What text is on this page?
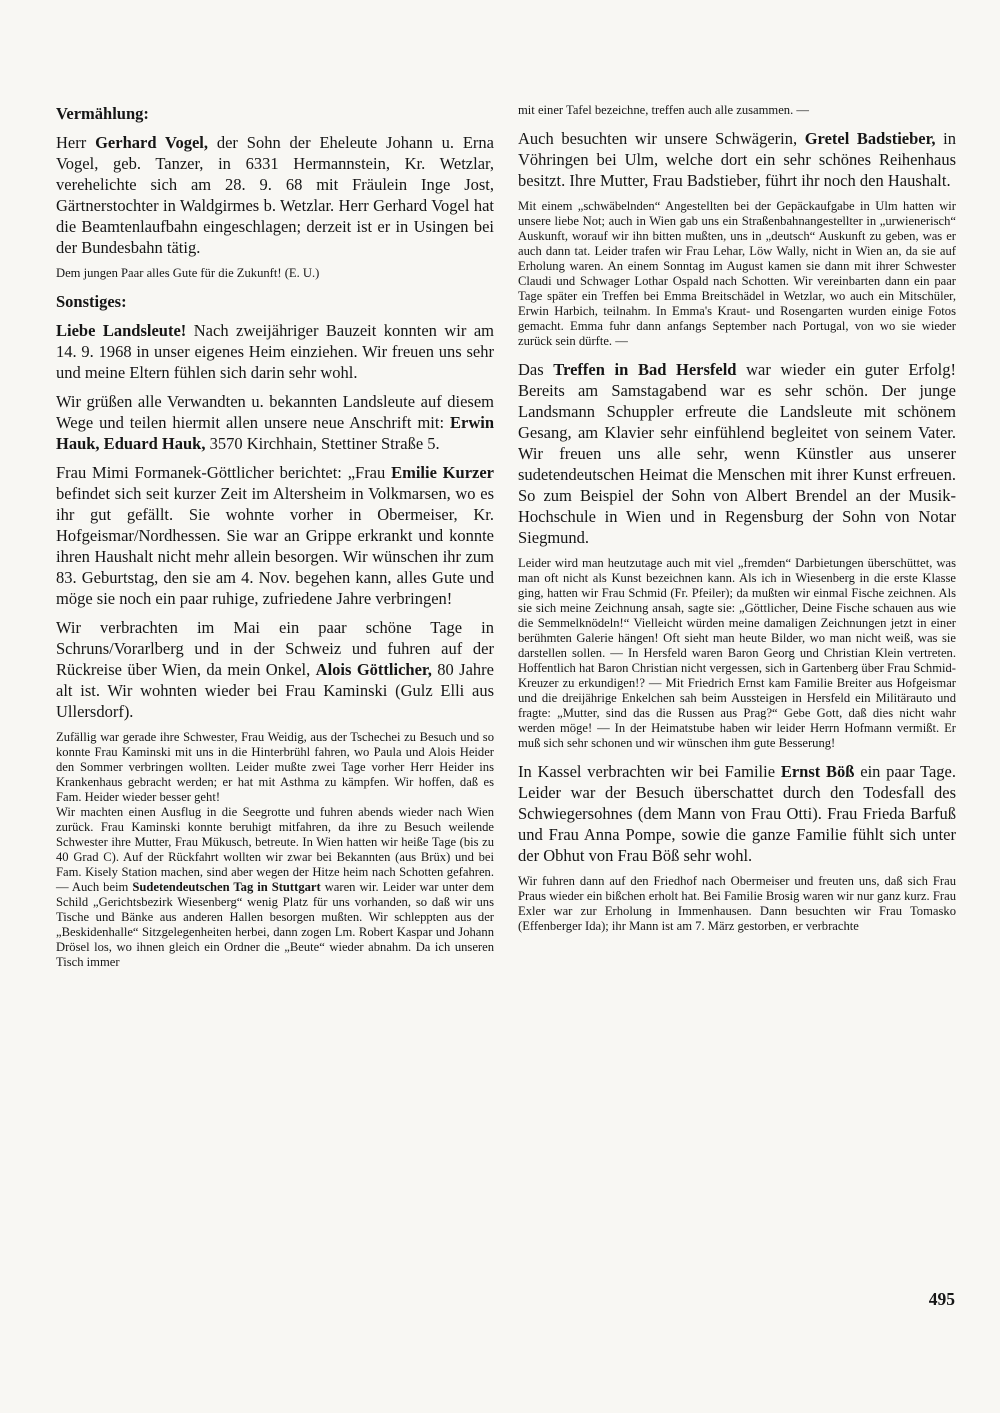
Vermählung:

Herr Gerhard Vogel, der Sohn der Eheleute Johann u. Erna Vogel, geb. Tanzer, in 6331 Hermannstein, Kr. Wetzlar, verehelichte sich am 28. 9. 68 mit Fräulein Inge Jost, Gärtnerstochter in Waldgirmes b. Wetzlar. Herr Gerhard Vogel hat die Beamtenlaufbahn eingeschlagen; derzeit ist er in Usingen bei der Bundesbahn tätig.

Dem jungen Paar alles Gute für die Zukunft! (E. U.)

Sonstiges:

Liebe Landsleute! Nach zweijähriger Bauzeit konnten wir am 14. 9. 1968 in unser eigenes Heim einziehen. Wir freuen uns sehr und meine Eltern fühlen sich darin sehr wohl.

Wir grüßen alle Verwandten u. bekannten Landsleute auf diesem Wege und teilen hiermit allen unsere neue Anschrift mit: Erwin Hauk, Eduard Hauk, 3570 Kirchhain, Stettiner Straße 5.

Frau Mimi Formanek-Göttlicher berichtet: „Frau Emilie Kurzer befindet sich seit kurzer Zeit im Altersheim in Volkmarsen, wo es ihr gut gefällt. Sie wohnte vorher in Obermeiser, Kr. Hofgeismar/Nordhessen. Sie war an Grippe erkrankt und konnte ihren Haushalt nicht mehr allein besorgen. Wir wünschen ihr zum 83. Geburtstag, den sie am 4. Nov. begehen kann, alles Gute und möge sie noch ein paar ruhige, zufriedene Jahre verbringen!

Wir verbrachten im Mai ein paar schöne Tage in Schruns/Vorarlberg und in der Schweiz und fuhren auf der Rückreise über Wien, da mein Onkel, Alois Göttlicher, 80 Jahre alt ist. Wir wohnten wieder bei Frau Kaminski (Gulz Elli aus Ullersdorf).

Zufällig war gerade ihre Schwester, Frau Weidig, aus der Tschechei zu Besuch und so konnte Frau Kaminski mit uns in die Hinterbrühl fahren, wo Paula und Alois Heider den Sommer verbringen wollten. Leider mußte zwei Tage vorher Herr Heider ins Krankenhaus gebracht werden; er hat mit Asthma zu kämpfen. Wir hoffen, daß es Fam. Heider wieder besser geht!

Wir machten einen Ausflug in die Seegrotte und fuhren abends wieder nach Wien zurück. Frau Kaminski konnte beruhigt mitfahren, da ihre zu Besuch weilende Schwester ihre Mutter, Frau Mükusch, betreute. In Wien hatten wir heiße Tage (bis zu 40 Grad C). Auf der Rückfahrt wollten wir zwar bei Bekannten (aus Brüx) und bei Fam. Kisely Station machen, sind aber wegen der Hitze heim nach Schotten gefahren. — Auch beim Sudetendeutschen Tag in Stuttgart waren wir. Leider war unter dem Schild „Gerichtsbezirk Wiesenberg“ wenig Platz für uns vorhanden, so daß wir uns Tische und Bänke aus anderen Hallen besorgen mußten. Wir schleppten aus der „Beskidenhalle“ Sitzgelegenheiten herbei, dann zogen Lm. Robert Kaspar und Johann Drösel los, wo ihnen gleich ein Ordner die „Beute“ wieder abnahm. Da ich unseren Tisch immer

mit einer Tafel bezeichne, treffen auch alle zusammen. —

Auch besuchten wir unsere Schwägerin, Gretel Badstieber, in Vöhringen bei Ulm, welche dort ein sehr schönes Reihenhaus besitzt. Ihre Mutter, Frau Badstieber, führt ihr noch den Haushalt.

Mit einem „schwäbelnden“ Angestellten bei der Gepäckaufgabe in Ulm hatten wir unsere liebe Not; auch in Wien gab uns ein Straßenbahnangestellter in „urwienerisch“ Auskunft, worauf wir ihn bitten mußten, uns in „deutsch“ Auskunft zu geben, was er auch dann tat. Leider trafen wir Frau Lehar, Löw Wally, nicht in Wien an, da sie auf Erholung waren. An einem Sonntag im August kamen sie dann mit ihrer Schwester Claudi und Schwager Lothar Ospald nach Schotten. Wir vereinbarten dann ein paar Tage später ein Treffen bei Emma Breitschädel in Wetzlar, wo auch ein Mitschüler, Erwin Harbich, teilnahm. In Emma's Kraut- und Rosengarten wurden einige Fotos gemacht. Emma fuhr dann anfangs September nach Portugal, von wo sie wieder zurück sein dürfte. —

Das Treffen in Bad Hersfeld war wieder ein guter Erfolg! Bereits am Samstagabend war es sehr schön. Der junge Landsmann Schuppler erfreute die Landsleute mit schönem Gesang, am Klavier sehr einfühlend begleitet von seinem Vater. Wir freuen uns alle sehr, wenn Künstler aus unserer sudetendeutschen Heimat die Menschen mit ihrer Kunst erfreuen. So zum Beispiel der Sohn von Albert Brendel an der Musik-Hochschule in Wien und in Regensburg der Sohn von Notar Siegmund.

Leider wird man heutzutage auch mit viel „fremden“ Darbietungen überschüttet, was man oft nicht als Kunst bezeichnen kann. Als ich in Wiesenberg in die erste Klasse ging, hatten wir Frau Schmid (Fr. Pfeiler); da mußten wir einmal Fische zeichnen. Als sie sich meine Zeichnung ansah, sagte sie: „Göttlicher, Deine Fische schauen aus wie die Semmelknödeln!“ Vielleicht würden meine damaligen Zeichnungen jetzt in einer berühmten Galerie hängen! Oft sieht man heute Bilder, wo man nicht weiß, was sie darstellen sollen. — In Hersfeld waren Baron Georg und Christian Klein vertreten. Hoffentlich hat Baron Christian nicht vergessen, sich in Gartenberg über Frau Schmid-Kreuzer zu erkundigen!? — Mit Friedrich Ernst kam Familie Breiter aus Hofgeismar und die dreijährige Enkelchen sah beim Aussteigen in Hersfeld ein Militärauto und fragte: „Mutter, sind das die Russen aus Prag?“ Gebe Gott, daß dies nicht wahr werden möge! — In der Heimatstube haben wir leider Herrn Hofmann vermißt. Er muß sich sehr schonen und wir wünschen ihm gute Besserung!

In Kassel verbrachten wir bei Familie Ernst Böß ein paar Tage. Leider war der Besuch überschattet durch den Todesfall des Schwiegersohnes (dem Mann von Frau Otti). Frau Frieda Barfuß und Frau Anna Pompe, sowie die ganze Familie fühlt sich unter der Obhut von Frau Böß sehr wohl.

Wir fuhren dann auf den Friedhof nach Obermeiser und freuten uns, daß sich Frau Praus wieder ein bißchen erholt hat. Bei Familie Brosig waren wir nur ganz kurz. Frau Exler war zur Erholung in Immenhausen. Dann besuchten wir Frau Tomasko (Effenberger Ida); ihr Mann ist am 7. März gestorben, er verbrachte

495
